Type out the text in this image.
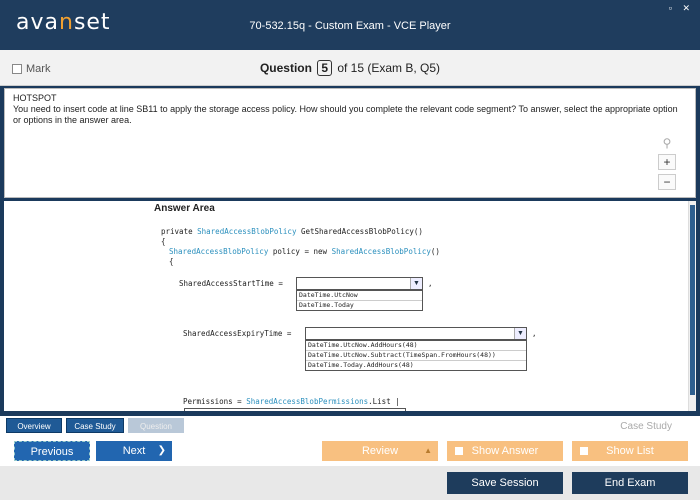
avanset	70-532.15q - Custom Exam - VCE Player
▫ ✕
Mark	Question 5 of 15 (Exam B, Q5)
HOTSPOT
You need to insert code at line SB11 to apply the storage access policy. How should you complete the relevant code segment? To answer, select the appropriate option or options in the answer area.
⚲
+
−
Answer Area
private SharedAccessBlobPolicy GetSharedAccessBlobPolicy()
{
SharedAccessBlobPolicy policy = new SharedAccessBlobPolicy()
{
SharedAccessStartTime =	▼ ,
DateTime.UtcNow
DateTime.Today
SharedAccessExpiryTime =	▼ ,
DateTime.UtcNow.AddHours(48)
DateTime.UtcNow.Subtract(TimeSpan.FromHours(48))
DateTime.Today.AddHours(48)
Permissions = SharedAccessBlobPermissions.List |
Overview	Case Study	Question	Case Study
Previous	Next ❯	Review	▲	Show Answer	Show List
Save Session	End Exam
